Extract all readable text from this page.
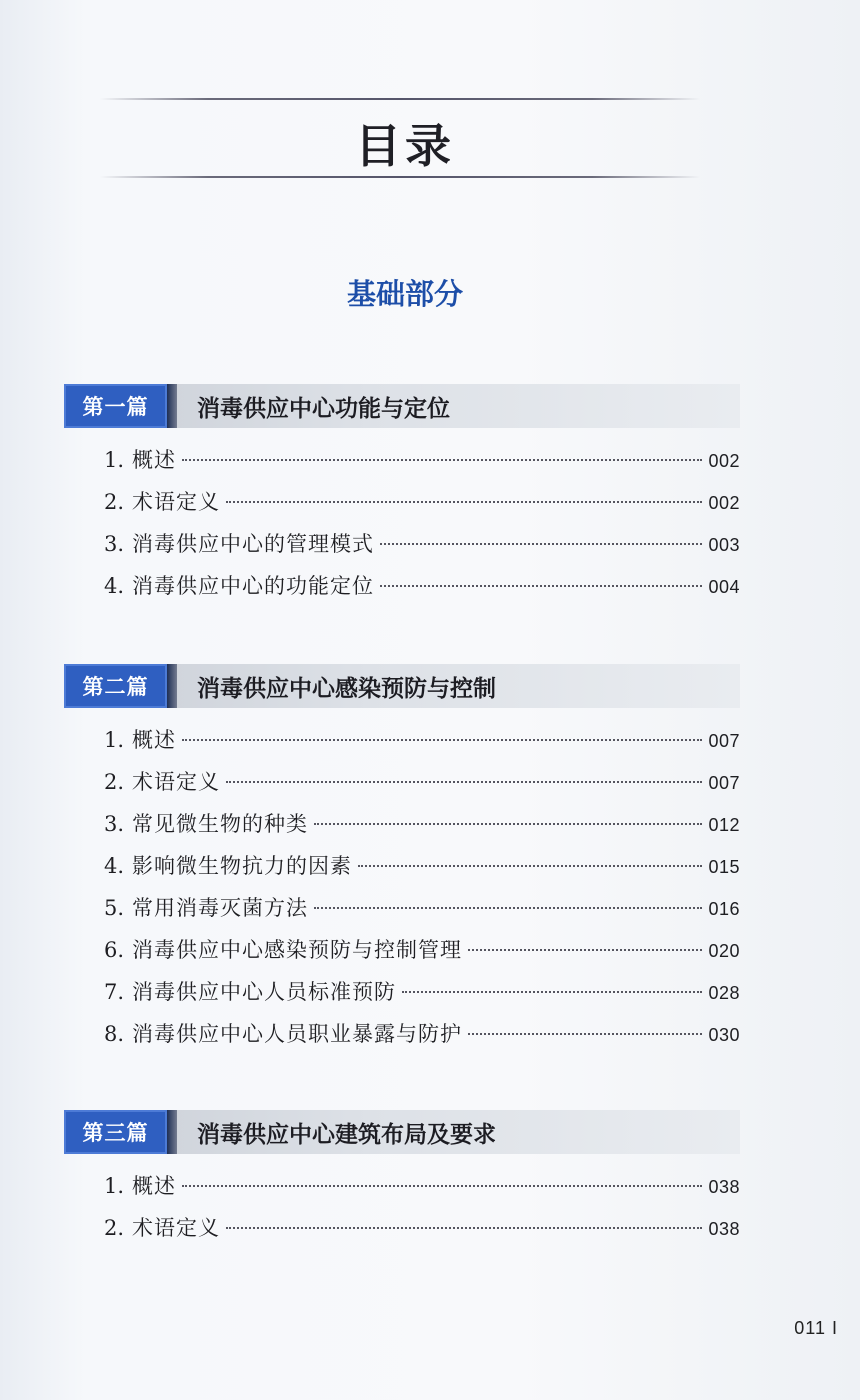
目录
基础部分
第一篇	消毒供应中心功能与定位
1. 概述	002
2. 术语定义	002
3. 消毒供应中心的管理模式	003
4. 消毒供应中心的功能定位	004
第二篇	消毒供应中心感染预防与控制
1. 概述	007
2. 术语定义	007
3. 常见微生物的种类	012
4. 影响微生物抗力的因素	015
5. 常用消毒灭菌方法	016
6. 消毒供应中心感染预防与控制管理	020
7. 消毒供应中心人员标准预防	028
8. 消毒供应中心人员职业暴露与防护	030
第三篇	消毒供应中心建筑布局及要求
1. 概述	038
2. 术语定义	038
011 I
